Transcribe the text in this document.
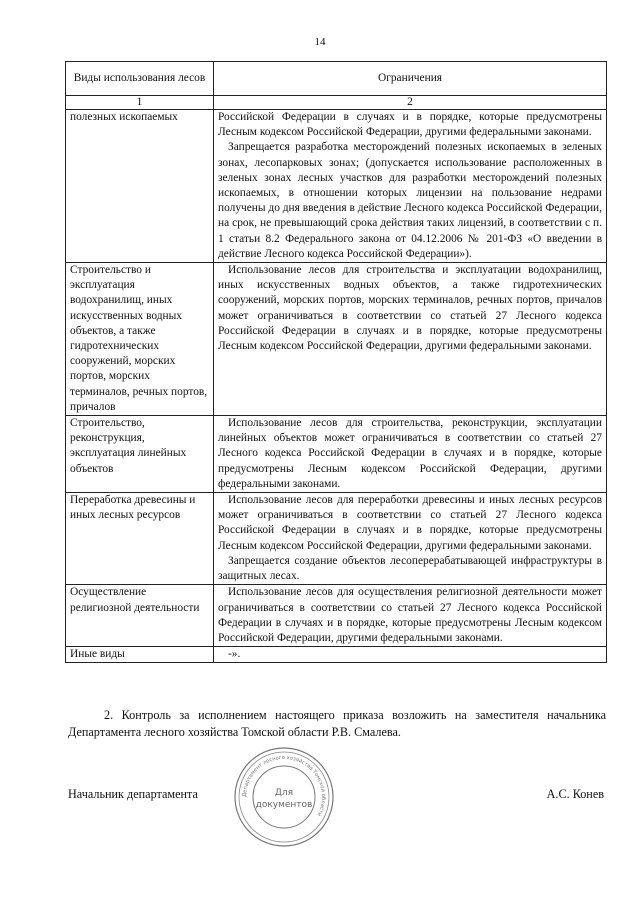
14
Виды использования лесов	Ограничения
1	2
полезных ископаемых	Российской Федерации в случаях и в порядке, которые предусмотрены Лесным кодексом Российской Федерации, другими федеральными законами.

Запрещается разработка месторождений полезных ископаемых в зеленых зонах, лесопарковых зонах; (допускается использование расположенных в зеленых зонах лесных участков для разработки месторождений полезных ископаемых, в отношении которых лицензии на пользование недрами получены до дня введения в действие Лесного кодекса Российской Федерации, на срок, не превышающий срока действия таких лицензий, в соответствии с п. 1 статьи 8.2 Федерального закона от 04.12.2006 № 201-ФЗ «О введении в действие Лесного кодекса Российской Федерации»).

Строительство и эксплуатация водохранилищ, иных искусственных водных объектов, а также гидротехнических сооружений, морских портов, морских терминалов, речных портов, причалов	Использование лесов для строительства и эксплуатации водохранилищ, иных искусственных водных объектов, а также гидротехнических сооружений, морских портов, морских терминалов, речных портов, причалов может ограничиваться в соответствии со статьей 27 Лесного кодекса Российской Федерации в случаях и в порядке, которые предусмотрены Лесным кодексом Российской Федерации, другими федеральными законами.

Строительство, реконструкция, эксплуатация линейных объектов	Использование лесов для строительства, реконструкции, эксплуатации линейных объектов может ограничиваться в соответствии со статьей 27 Лесного кодекса Российской Федерации в случаях и в порядке, которые предусмотрены Лесным кодексом Российской Федерации, другими федеральными законами.

Переработка древесины и иных лесных ресурсов	Использование лесов для переработки древесины и иных лесных ресурсов может ограничиваться в соответствии со статьей 27 Лесного кодекса Российской Федерации в случаях и в порядке, которые предусмотрены Лесным кодексом Российской Федерации, другими федеральными законами.

Запрещается создание объектов лесоперерабатывающей инфраструктуры в защитных лесах.

Осуществление религиозной деятельности	Использование лесов для осуществления религиозной деятельности может ограничиваться в соответствии со статьей 27 Лесного кодекса Российской Федерации в случаях и в порядке, которые предусмотрены Лесным кодексом Российской Федерации, другими федеральными законами.

Иные виды	-».

2. Контроль за исполнением настоящего приказа возложить на заместителя начальника Департамента лесного хозяйства Томской области Р.В. Смалева.

Начальник департамента	А.С. Конев
Департамент лесного хозяйства Томской области
Для
документов
